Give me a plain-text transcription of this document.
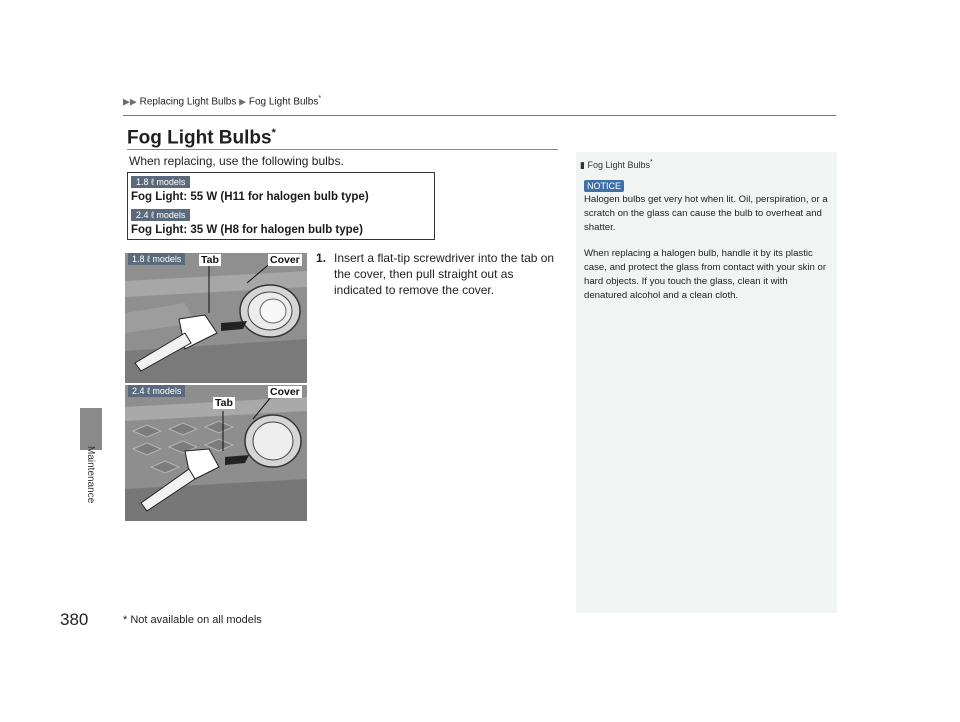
▶▶ Replacing Light Bulbs ▶ Fog Light Bulbs*
Maintenance
380
Fog Light Bulbs*
When replacing, use the following bulbs.
1.8 ℓ models
Fog Light: 55 W (H11 for halogen bulb type)
2.4 ℓ models
Fog Light: 35 W (H8 for halogen bulb type)
1. Insert a flat-tip screwdriver into the tab on the cover, then pull straight out as indicated to remove the cover.
1.8 ℓ models	Tab	Cover
2.4 ℓ models	Cover
Tab
▮ Fog Light Bulbs*
NOTICE

Halogen bulbs get very hot when lit. Oil, perspiration, or a scratch on the glass can cause the bulb to overheat and shatter.

When replacing a halogen bulb, handle it by its plastic case, and protect the glass from contact with your skin or hard objects. If you touch the glass, clean it with denatured alcohol and a clean cloth.

* Not available on all models
